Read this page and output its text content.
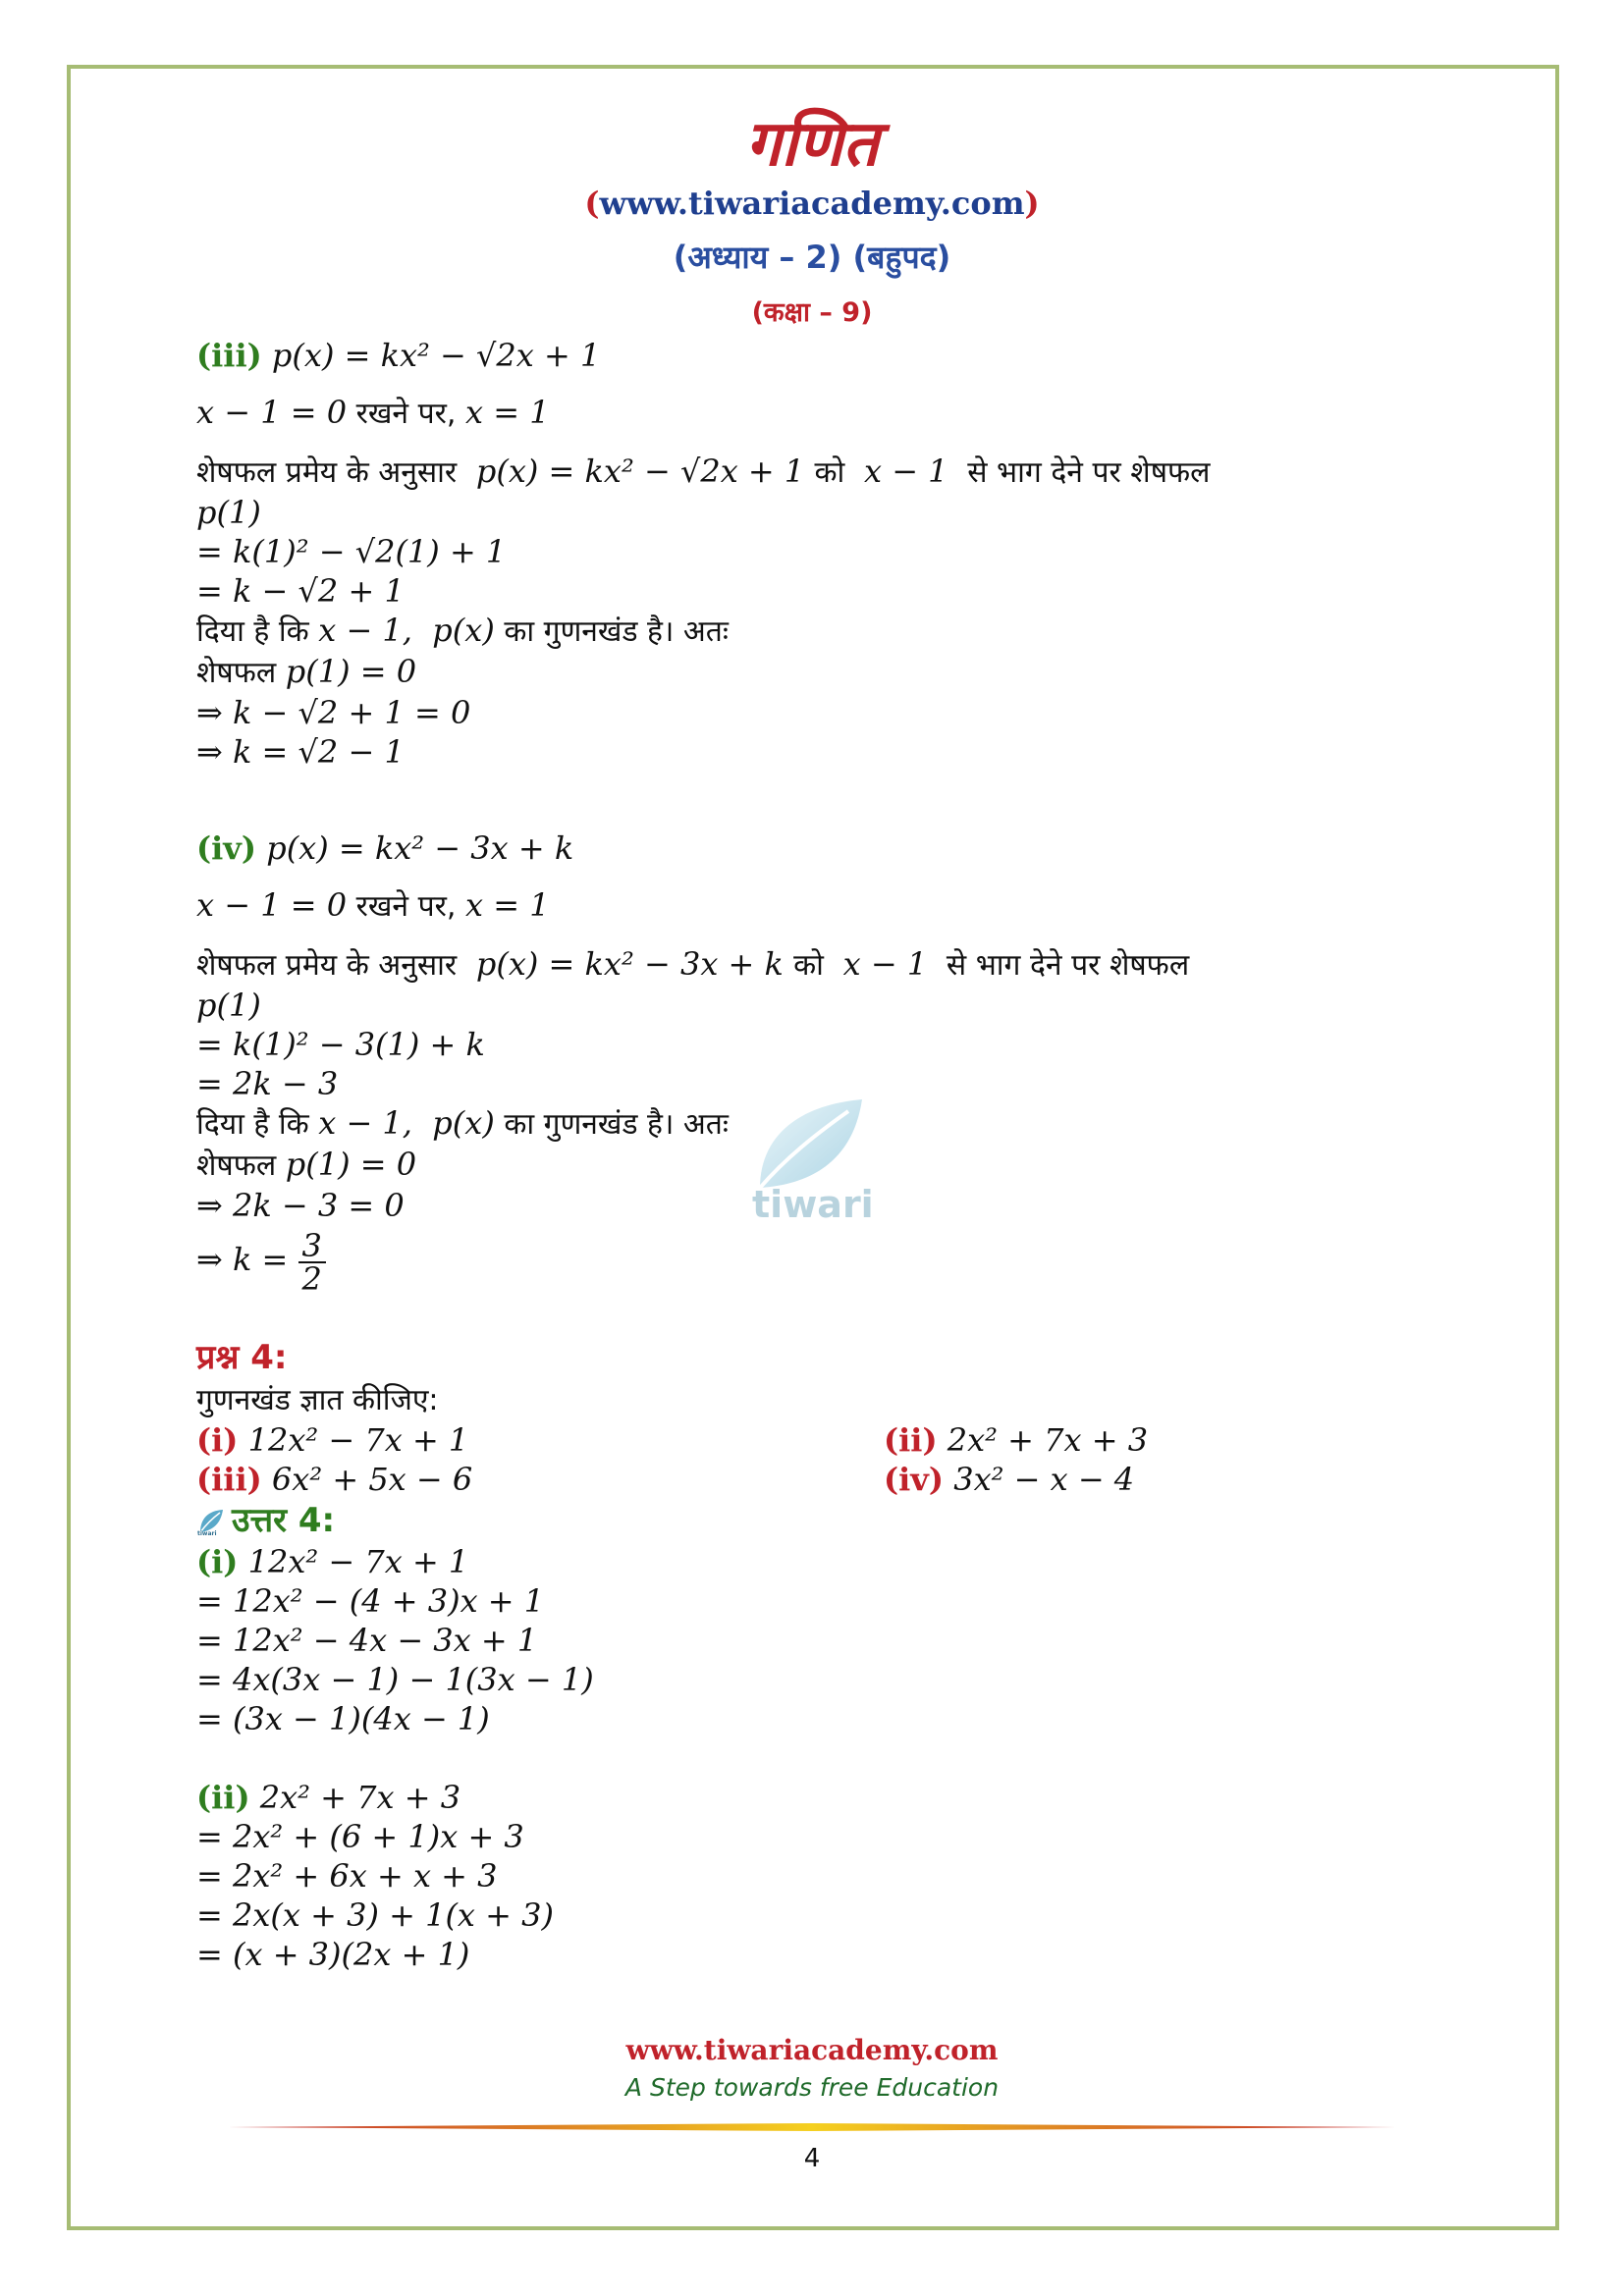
गणित
(www.tiwariacademy.com)
(अध्याय – 2) (बहुपद)
(कक्षा – 9)
(iii) p(x) = kx² − √2x + 1
x − 1 = 0 रखने पर, x = 1
शेषफल प्रमेय के अनुसार  p(x) = kx² − √2x + 1 को  x − 1  से भाग देने पर शेषफल
p(1)
= k(1)² − √2(1) + 1
= k − √2 + 1
दिया है कि x − 1,  p(x) का गुणनखंड है। अतः
शेषफल p(1) = 0
⇒ k − √2 + 1 = 0
⇒ k = √2 − 1
(iv) p(x) = kx² − 3x + k
x − 1 = 0 रखने पर, x = 1
शेषफल प्रमेय के अनुसार  p(x) = kx² − 3x + k को  x − 1  से भाग देने पर शेषफल
p(1)
= k(1)² − 3(1) + k
= 2k − 3
दिया है कि x − 1,  p(x) का गुणनखंड है। अतः
शेषफल p(1) = 0
⇒ 2k − 3 = 0
⇒ $k = \frac{3}{2}$
प्रश्न 4:
गुणनखंड ज्ञात कीजिए:
(i) 12x² − 7x + 1	(ii) 2x² + 7x + 3
(iii) 6x² + 5x − 6	(iv) 3x² − x − 4
tiwari उत्तर 4:
(i) 12x² − 7x + 1
= 12x² − (4 + 3)x + 1
= 12x² − 4x − 3x + 1
= 4x(3x − 1) − 1(3x − 1)
= (3x − 1)(4x − 1)
(ii) 2x² + 7x + 3
= 2x² + (6 + 1)x + 3
= 2x² + 6x + x + 3
= 2x(x + 3) + 1(x + 3)
= (x + 3)(2x + 1)
tiwari
www.tiwariacademy.com
A Step towards free Education
4
